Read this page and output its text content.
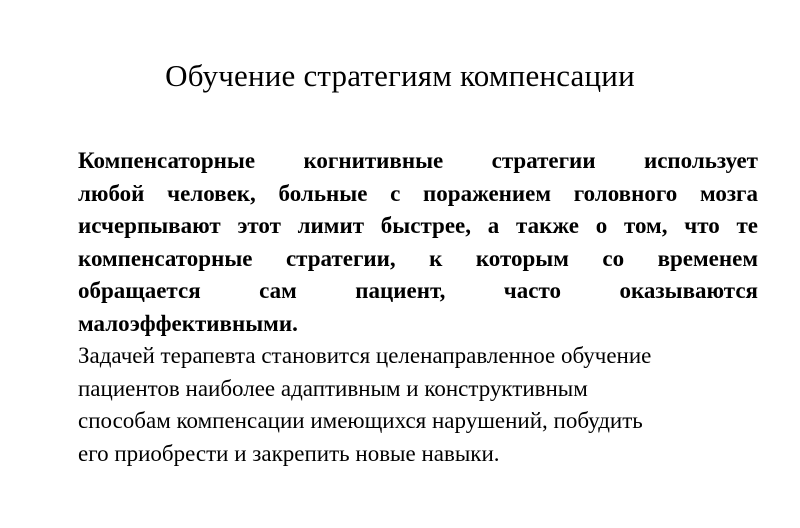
Обучение стратегиям компенсации

Компенсаторные когнитивные стратегии использует
любой человек, больные с поражением головного мозга
исчерпывают этот лимит быстрее, а также о том, что те
компенсаторные стратегии, к которым со временем
обращается сам пациент, часто оказываются
малоэффективными.

Задачей терапевта становится целенаправленное обучение
пациентов наиболее адаптивным и конструктивным
способам компенсации имеющихся нарушений, побудить
его приобрести и закрепить новые навыки.
